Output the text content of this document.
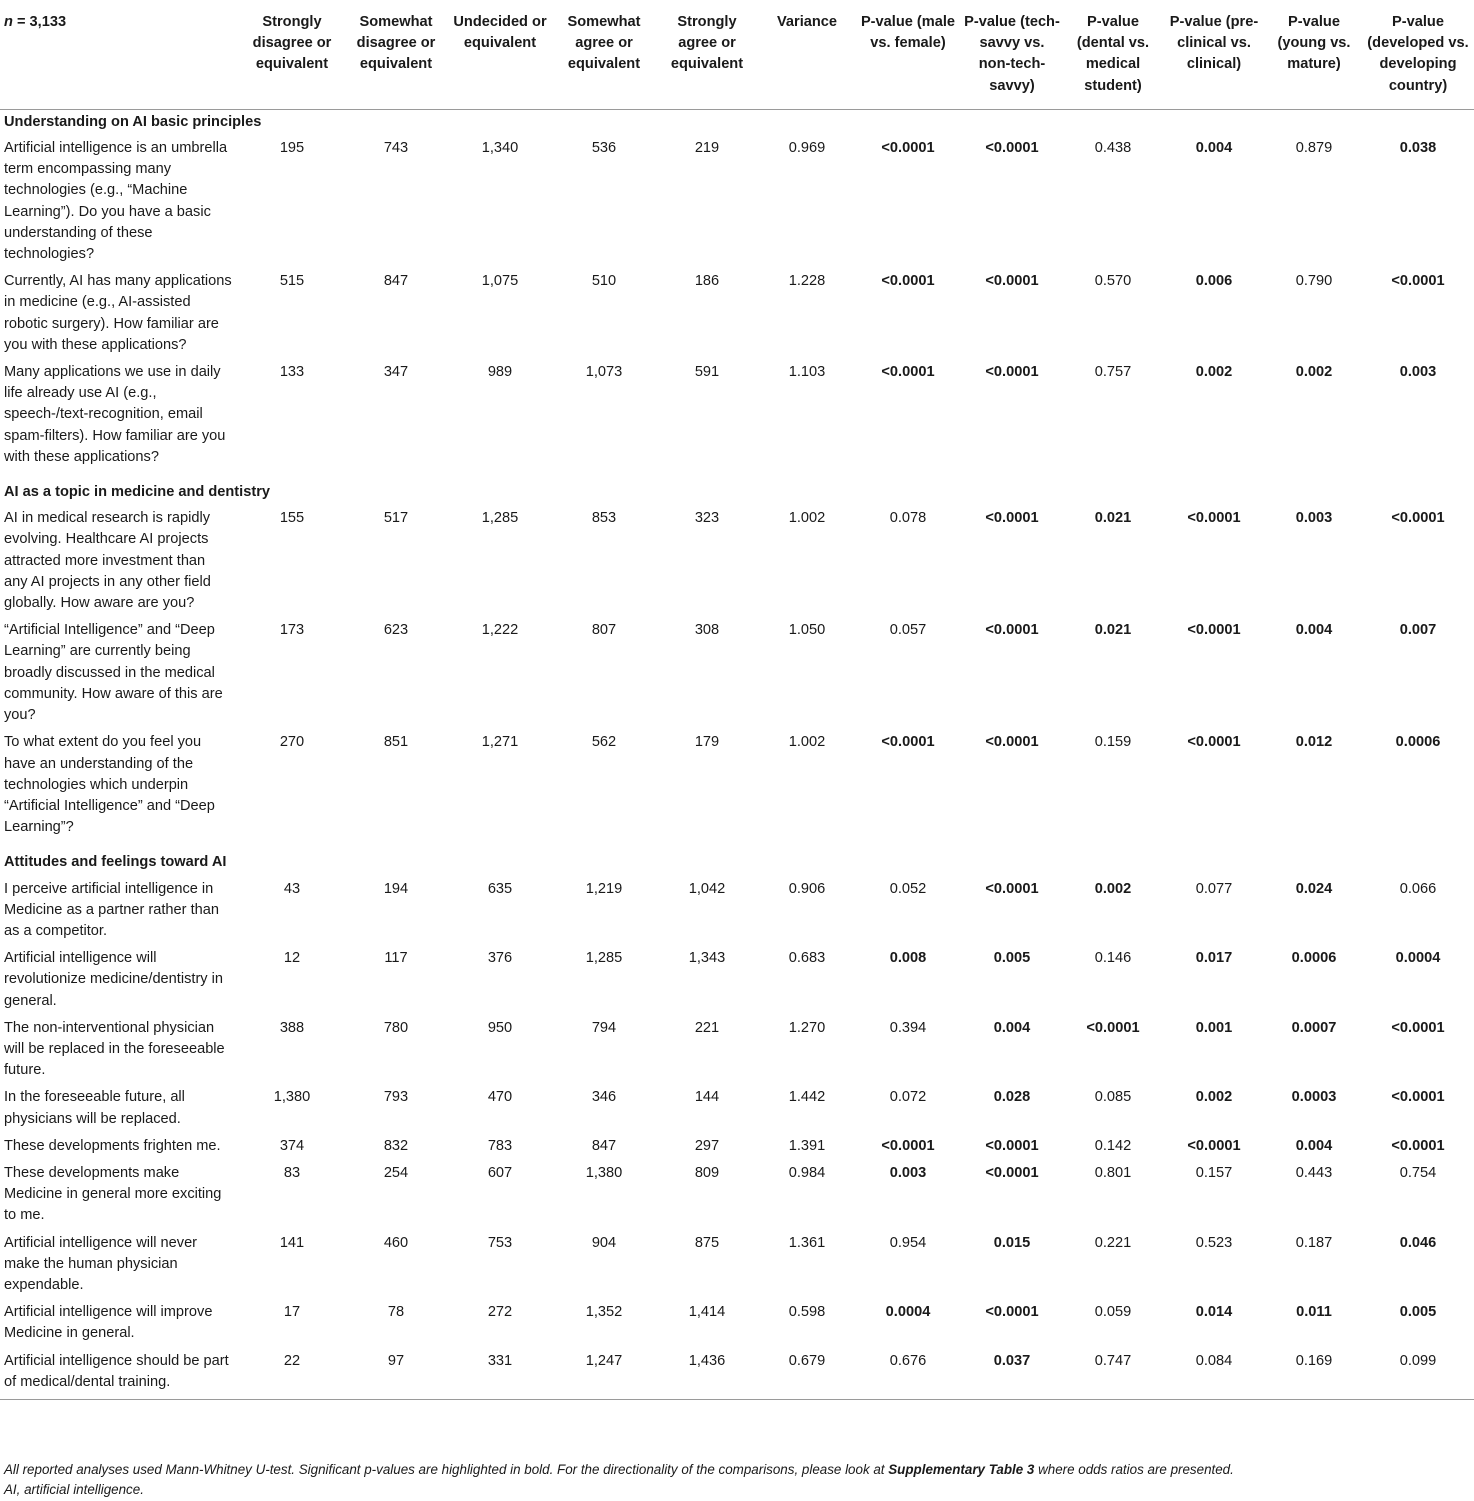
n = 3,133	Strongly disagree or equivalent	Somewhat disagree or equivalent	Undecided or equivalent	Somewhat agree or equivalent	Strongly agree or equivalent	Variance	P-value (male vs. female)	P-value (tech-savvy vs. non-tech-savvy)	P-value (dental vs. medical student)	P-value (pre-clinical vs. clinical)	P-value (young vs. mature)	P-value (developed vs. developing country)
Understanding on AI basic principles												
Artificial intelligence is an umbrella term encompassing many technologies (e.g., “Machine Learning”). Do you have a basic understanding of these technologies?	195	743	1,340	536	219	0.969	<0.0001	<0.0001	0.438	0.004	0.879	0.038
Currently, AI has many applications in medicine (e.g., AI-assisted robotic surgery). How familiar are you with these applications?	515	847	1,075	510	186	1.228	<0.0001	<0.0001	0.570	0.006	0.790	<0.0001
Many applications we use in daily life already use AI (e.g., speech-/text-recognition, email spam-filters). How familiar are you with these applications?	133	347	989	1,073	591	1.103	<0.0001	<0.0001	0.757	0.002	0.002	0.003
AI as a topic in medicine and dentistry												
AI in medical research is rapidly evolving. Healthcare AI projects attracted more investment than any AI projects in any other field globally. How aware are you?	155	517	1,285	853	323	1.002	0.078	<0.0001	0.021	<0.0001	0.003	<0.0001
“Artificial Intelligence” and “Deep Learning” are currently being broadly discussed in the medical community. How aware of this are you?	173	623	1,222	807	308	1.050	0.057	<0.0001	0.021	<0.0001	0.004	0.007
To what extent do you feel you have an understanding of the technologies which underpin “Artificial Intelligence” and “Deep Learning”?	270	851	1,271	562	179	1.002	<0.0001	<0.0001	0.159	<0.0001	0.012	0.0006
Attitudes and feelings toward AI												
I perceive artificial intelligence in Medicine as a partner rather than as a competitor.	43	194	635	1,219	1,042	0.906	0.052	<0.0001	0.002	0.077	0.024	0.066
Artificial intelligence will revolutionize medicine/dentistry in general.	12	117	376	1,285	1,343	0.683	0.008	0.005	0.146	0.017	0.0006	0.0004
The non-interventional physician will be replaced in the foreseeable future.	388	780	950	794	221	1.270	0.394	0.004	<0.0001	0.001	0.0007	<0.0001
In the foreseeable future, all physicians will be replaced.	1,380	793	470	346	144	1.442	0.072	0.028	0.085	0.002	0.0003	<0.0001
These developments frighten me.	374	832	783	847	297	1.391	<0.0001	<0.0001	0.142	<0.0001	0.004	<0.0001
These developments make Medicine in general more exciting to me.	83	254	607	1,380	809	0.984	0.003	<0.0001	0.801	0.157	0.443	0.754
Artificial intelligence will never make the human physician expendable.	141	460	753	904	875	1.361	0.954	0.015	0.221	0.523	0.187	0.046
Artificial intelligence will improve Medicine in general.	17	78	272	1,352	1,414	0.598	0.0004	<0.0001	0.059	0.014	0.011	0.005
Artificial intelligence should be part of medical/dental training.	22	97	331	1,247	1,436	0.679	0.676	0.037	0.747	0.084	0.169	0.099
All reported analyses used Mann-Whitney U-test. Significant p-values are highlighted in bold. For the directionality of the comparisons, please look at Supplementary Table 3 where odds ratios are presented.
AI, artificial intelligence.
